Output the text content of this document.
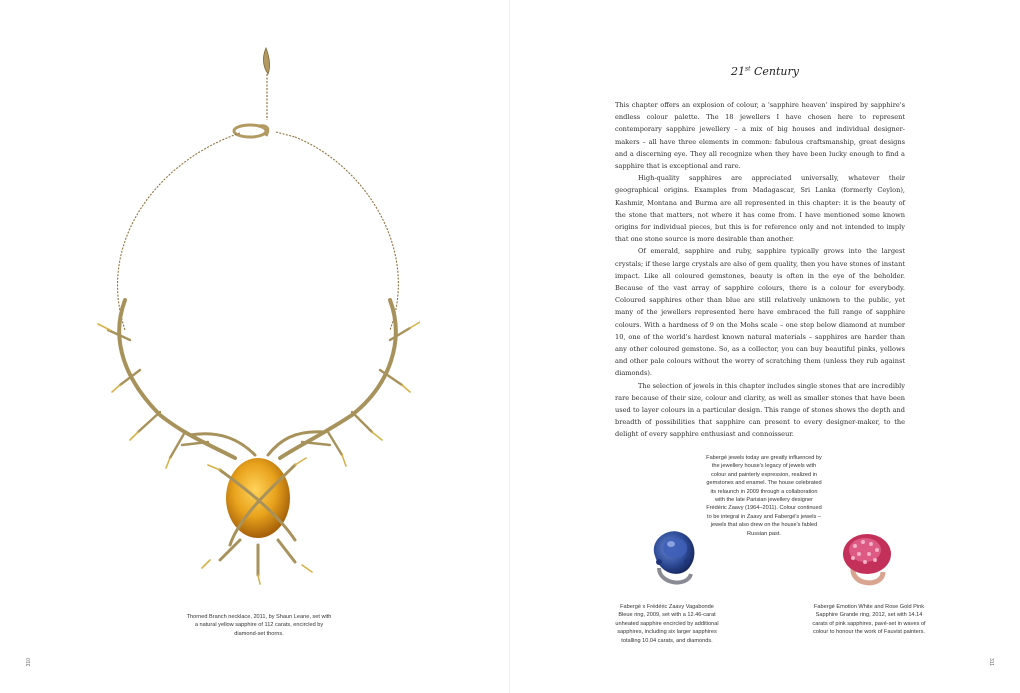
Thorned Branch necklace, 2011, by Shaun Leane, set with a natural yellow sapphire of 112 carats, encircled by diamond-set thorns.

310
21st Century

This chapter offers an explosion of colour, a 'sapphire heaven' inspired by sapphire's endless colour palette. The 18 jewellers I have chosen here to represent contemporary sapphire jewellery – a mix of big houses and individual designer-makers – all have three elements in common: fabulous craftsmanship, great designs and a discerning eye. They all recognize when they have been lucky enough to find a sapphire that is exceptional and rare.

High-quality sapphires are appreciated universally, whatever their geographical origins. Examples from Madagascar, Sri Lanka (formerly Ceylon), Kashmir, Montana and Burma are all represented in this chapter: it is the beauty of the stone that matters, not where it has come from. I have mentioned some known origins for individual pieces, but this is for reference only and not intended to imply that one stone source is more desirable than another.

Of emerald, sapphire and ruby, sapphire typically grows into the largest crystals; if these large crystals are also of gem quality, then you have stones of instant impact. Like all coloured gemstones, beauty is often in the eye of the beholder. Because of the vast array of sapphire colours, there is a colour for everybody. Coloured sapphires other than blue are still relatively unknown to the public, yet many of the jewellers represented here have embraced the full range of sapphire colours. With a hardness of 9 on the Mohs scale – one step below diamond at number 10, one of the world's hardest known natural materials – sapphires are harder than any other coloured gemstone. So, as a collector, you can buy beautiful pinks, yellows and other pale colours without the worry of scratching them (unless they rub against diamonds).

The selection of jewels in this chapter includes single stones that are incredibly rare because of their size, colour and clarity, as well as smaller stones that have been used to layer colours in a particular design. This range of stones shows the depth and breadth of possibilities that sapphire can present to every designer-maker, to the delight of every sapphire enthusiast and connoisseur.

Fabergé jewels today are greatly influenced by the jewellery house's legacy of jewels with colour and painterly expression, realized in gemstones and enamel. The house celebrated its relaunch in 2009 through a collaboration with the late Parisian jewellery designer Frédéric Zaavy (1964–2011). Colour continued to be integral in Zaavy and Fabergé's jewels – jewels that also drew on the house's fabled Russian past.

Fabergé x Frédéric Zaavy Vagabonde Bleue ring, 2009, set with a 12.46-carat unheated sapphire encircled by additional sapphires, including six larger sapphires totalling 10.04 carats, and diamonds.

Fabergé Emotion White and Rose Gold Pink Sapphire Grande ring, 2012, set with 14.14 carats of pink sapphires, pavé-set in waves of colour to honour the work of Fauvist painters.

311
